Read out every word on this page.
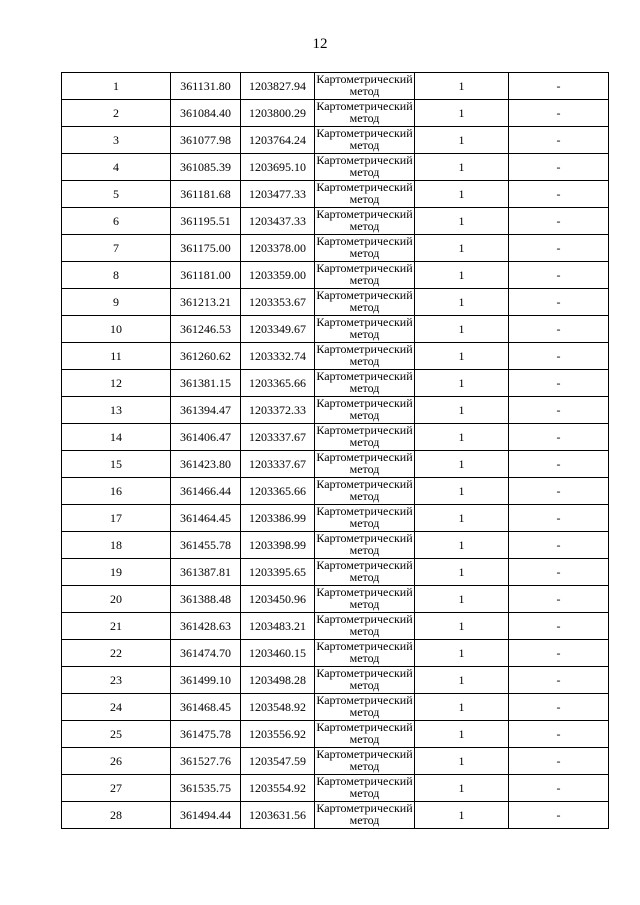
12
1	361131.80	1203827.94	Картометрический метод	1	-
2	361084.40	1203800.29	Картометрический метод	1	-
3	361077.98	1203764.24	Картометрический метод	1	-
4	361085.39	1203695.10	Картометрический метод	1	-
5	361181.68	1203477.33	Картометрический метод	1	-
6	361195.51	1203437.33	Картометрический метод	1	-
7	361175.00	1203378.00	Картометрический метод	1	-
8	361181.00	1203359.00	Картометрический метод	1	-
9	361213.21	1203353.67	Картометрический метод	1	-
10	361246.53	1203349.67	Картометрический метод	1	-
11	361260.62	1203332.74	Картометрический метод	1	-
12	361381.15	1203365.66	Картометрический метод	1	-
13	361394.47	1203372.33	Картометрический метод	1	-
14	361406.47	1203337.67	Картометрический метод	1	-
15	361423.80	1203337.67	Картометрический метод	1	-
16	361466.44	1203365.66	Картометрический метод	1	-
17	361464.45	1203386.99	Картометрический метод	1	-
18	361455.78	1203398.99	Картометрический метод	1	-
19	361387.81	1203395.65	Картометрический метод	1	-
20	361388.48	1203450.96	Картометрический метод	1	-
21	361428.63	1203483.21	Картометрический метод	1	-
22	361474.70	1203460.15	Картометрический метод	1	-
23	361499.10	1203498.28	Картометрический метод	1	-
24	361468.45	1203548.92	Картометрический метод	1	-
25	361475.78	1203556.92	Картометрический метод	1	-
26	361527.76	1203547.59	Картометрический метод	1	-
27	361535.75	1203554.92	Картометрический метод	1	-
28	361494.44	1203631.56	Картометрический метод	1	-
